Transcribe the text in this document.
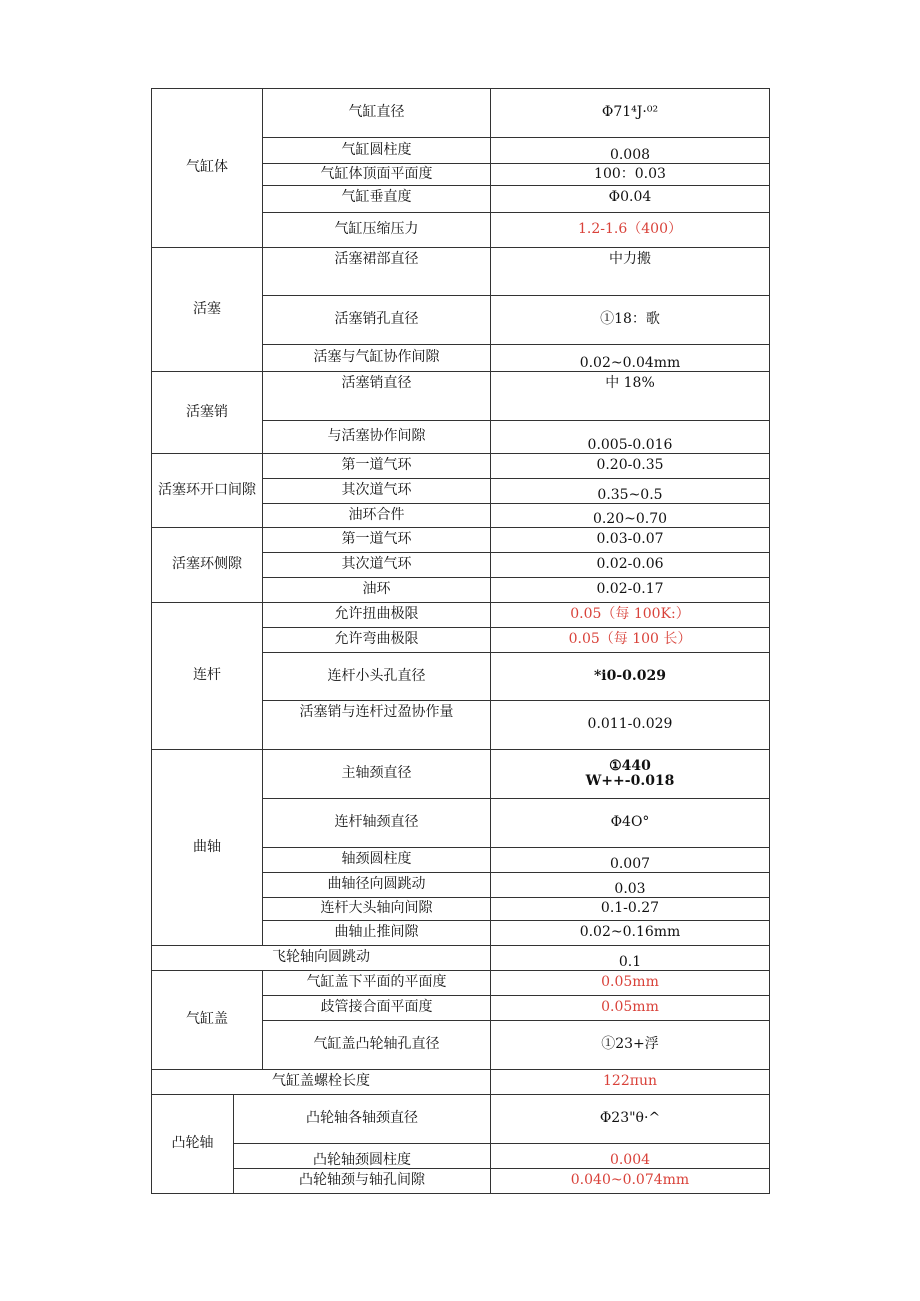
气缸体		气缸直径	Φ71⁴J·⁰²
		气缸圆柱度	0.008
		气缸体顶面平面度	100：0.03
		气缸垂直度	Φ0.04
		气缸压缩压力	1.2-1.6（400）
活塞		活塞裙部直径	中力搬
		活塞销孔直径	①18：歌
		活塞与气缸协作间隙	0.02~0.04mm
活塞销		活塞销直径	中 18%
		与活塞协作间隙	0.005-0.016
活塞环开口间隙		第一道气环	0.20-0.35
		其次道气环	0.35~0.5
		油环合件	0.20~0.70
活塞环侧隙		第一道气环	0.03-0.07
		其次道气环	0.02-0.06
		油环	0.02-0.17
连杆		允许扭曲极限	0.05（每 100K:）
		允许弯曲极限	0.05（每 100 长）
		连杆小头孔直径	*i0-0.029
		活塞销与连杆过盈协作量	0.011-0.029
曲轴		主轴颈直径	①440
W++-0.018

		连杆轴颈直径	Φ4O°
		轴颈圆柱度	0.007
		曲轴径向圆跳动	0.03
		连杆大头轴向间隙	0.1-0.27
		曲轴止推间隙	0.02~0.16mm
飞轮轴向圆跳动			0.1
气缸盖		气缸盖下平面的平面度	0.05mm
		歧管接合面平面度	0.05mm
		气缸盖凸轮轴孔直径	①23+浮
气缸盖螺栓长度			122πun
凸轮轴	凸轮轴各轴颈直径		Φ23"θ·^
	凸轮轴颈圆柱度		0.004
	凸轮轴颈与轴孔间隙		0.040~0.074mm
